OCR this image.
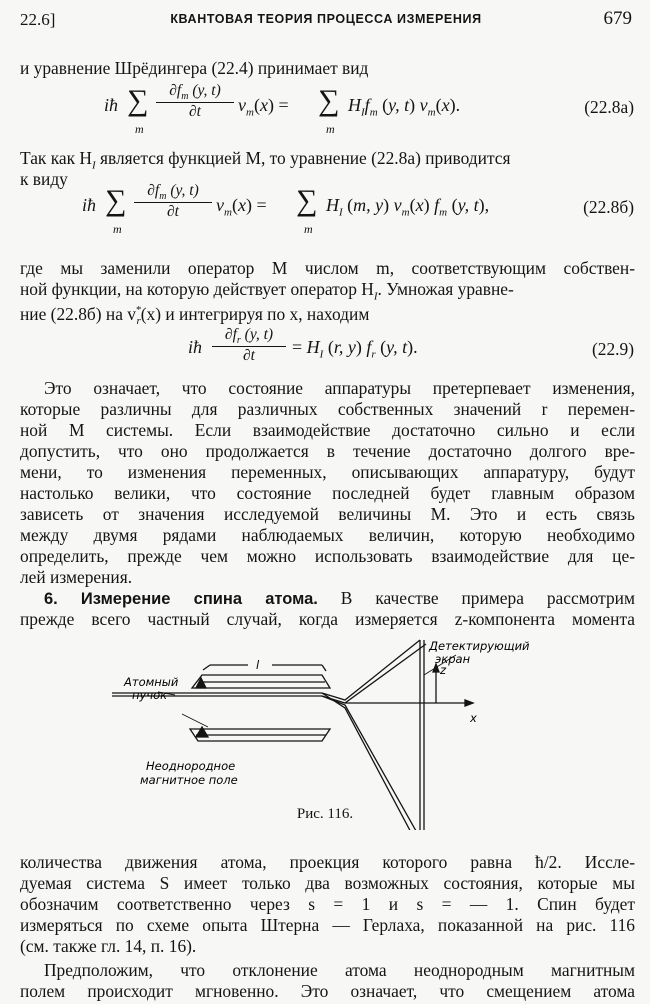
22.6]	КВАНТОВАЯ ТЕОРИЯ ПРОЦЕССА ИЗМЕРЕНИЯ	679
и уравнение Шрёдингера (22.4) принимает вид
iħ ∑
m
$\partial f_m$ (y, t)
∂t	$v_m(x)$ = ∑
m
$H_If_m$ (y, t) $v_m(x)$.	(22.8а)
Так как $H_I$ является функцией M, то уравнение (22.8а) приводится
к виду
iħ ∑
m
$\partial f_m$ (y, t)
∂t	$v_m(x)$ = ∑
m
$H_I$ (m, y) $v_m(x)$ $f_m$ (y, t),	(22.8б)
где мы заменили оператор M числом m, соответствующим собствен-
ной функции, на которую действует оператор $H_I$. Умножая уравне-
ние (22.8б) на $v^*_r(x)$ и интегрируя по x, находим
iħ
$\partial f_r$ (y, t)
∂t	= $H_I$ (r, y) $f_r$ (y, t).	(22.9)
Это означает, что состояние аппаратуры претерпевает изменения,
которые различны для различных собственных значений r перемен-
ной M системы. Если взаимодействие достаточно сильно и если
допустить, что оно продолжается в течение достаточно долгого вре-
мени, то изменения переменных, описывающих аппаратуру, будут
настолько велики, что состояние последней будет главным образом
зависеть от значения исследуемой величины M. Это и есть связь
между двумя рядами наблюдаемых величин, которую необходимо
определить, прежде чем можно использовать взаимодействие для це-
лей измерения.
6. Измерение спина атома. В качестве примера рассмотрим
прежде всего частный случай, когда измеряется z-компонента момента
l	z
x
Детектирующий
экран
Атомный
пучок
Неоднородное
магнитное поле
Рис. 116.
количества движения атома, проекция которого равна ħ/2. Иссле-
дуемая система S имеет только два возможных состояния, которые мы
обозначим соответственно через s = 1 и s = — 1. Спин будет
измеряться по схеме опыта Штерна — Герлаха, показанной на рис. 116
(см. также гл. 14, п. 16).
Предположим, что отклонение атома неоднородным магнитным
полем происходит мгновенно. Это означает, что смещением атома
